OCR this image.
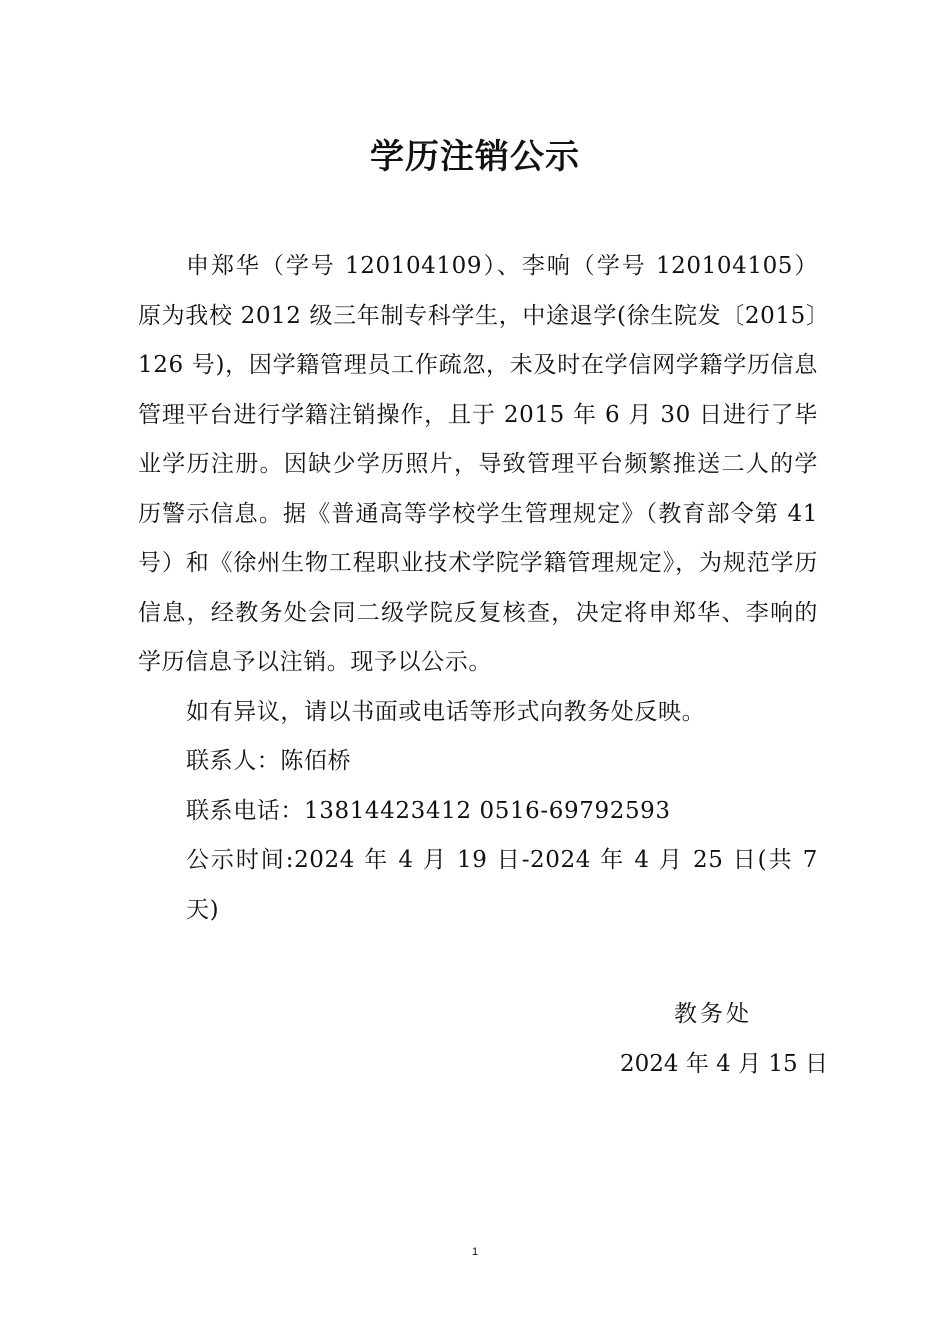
学历注销公示

申郑华（学号 120104109）、李响（学号 120104105）原为我校 2012 级三年制专科学生，中途退学(徐生院发〔2015〕126 号)，因学籍管理员工作疏忽，未及时在学信网学籍学历信息管理平台进行学籍注销操作，且于 2015 年 6 月 30 日进行了毕业学历注册。因缺少学历照片，导致管理平台频繁推送二人的学历警示信息。据《普通高等学校学生管理规定》（教育部令第 41 号）和《徐州生物工程职业技术学院学籍管理规定》，为规范学历信息，经教务处会同二级学院反复核查，决定将申郑华、李响的学历信息予以注销。现予以公示。

如有异议，请以书面或电话等形式向教务处反映。

联系人：陈佰桥

联系电话：13814423412 0516-69792593

公示时间:2024 年 4 月 19 日-2024 年 4 月 25 日(共 7 天)

教务处
2024 年 4 月 15 日
1
